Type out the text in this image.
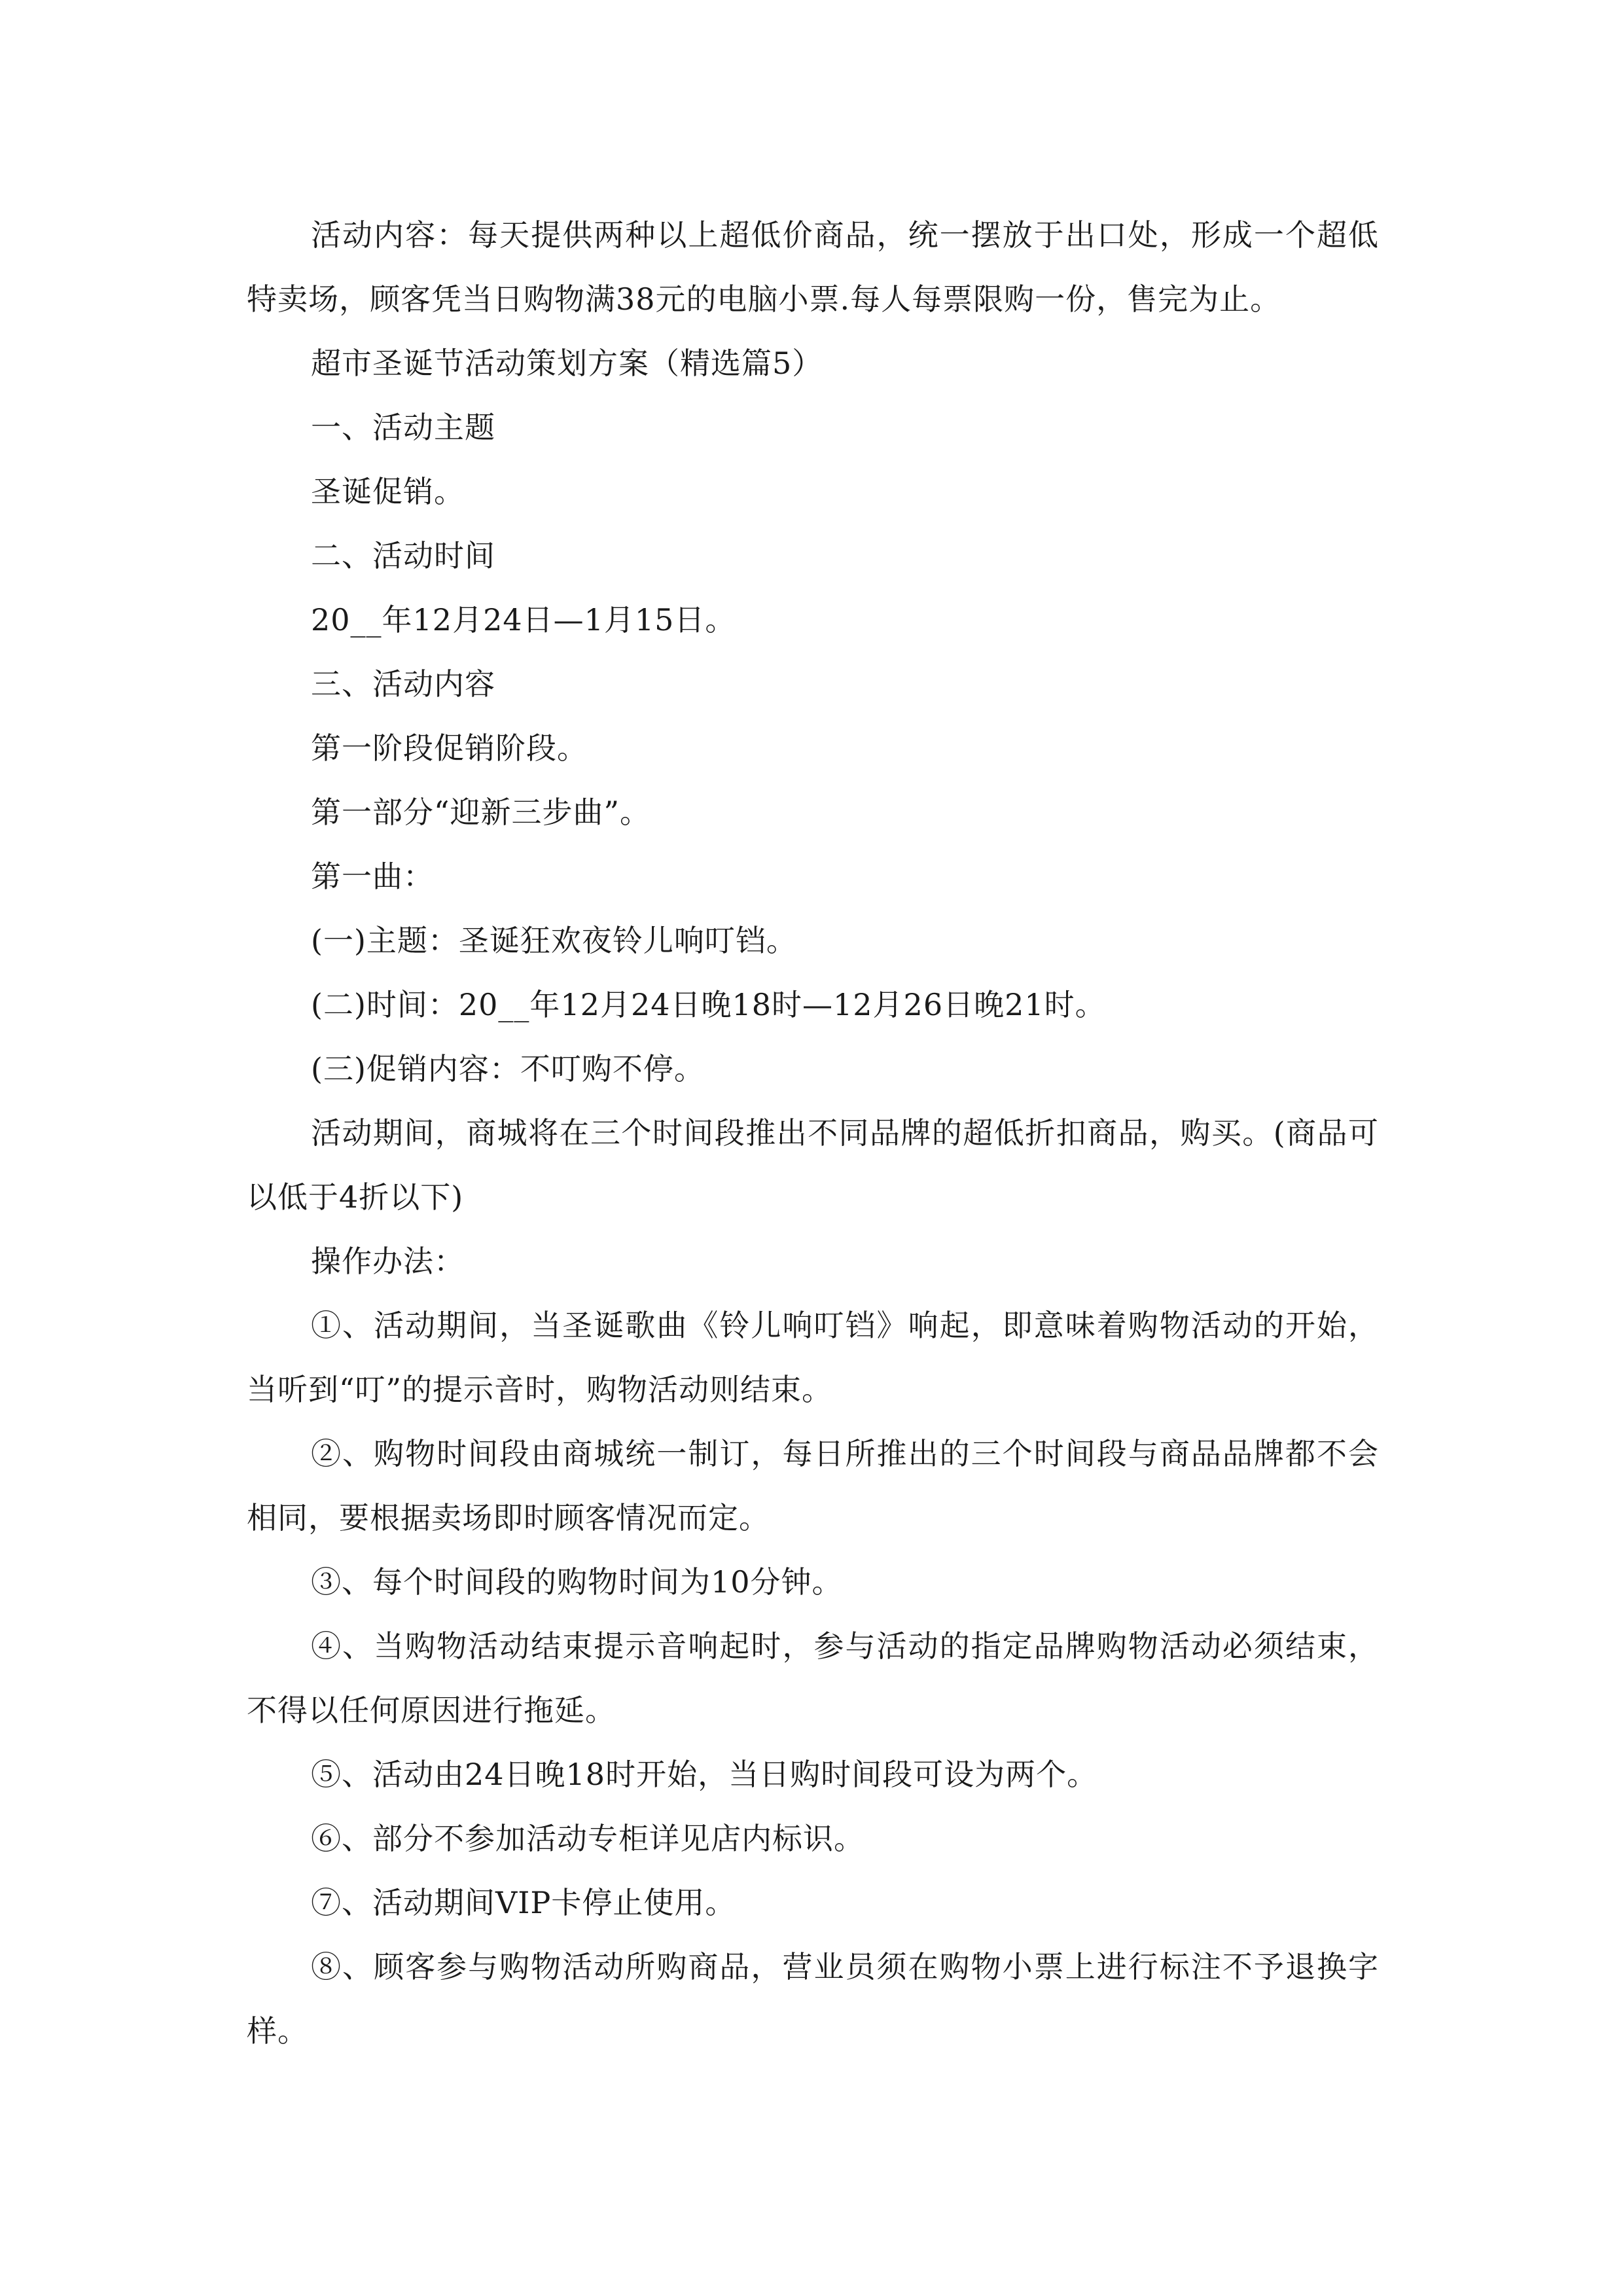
活动内容：每天提供两种以上超低价商品，统一摆放于出口处，形成一个超低特卖场，顾客凭当日购物满38元的电脑小票.每人每票限购一份，售完为止。

超市圣诞节活动策划方案（精选篇5）

一、活动主题

圣诞促销。

二、活动时间

20__年12月24日—1月15日。

三、活动内容

第一阶段促销阶段。

第一部分“迎新三步曲”。

第一曲：

(一)主题：圣诞狂欢夜铃儿响叮铛。

(二)时间：20__年12月24日晚18时—12月26日晚21时。

(三)促销内容：不叮购不停。

活动期间，商城将在三个时间段推出不同品牌的超低折扣商品，购买。(商品可以低于4折以下)

操作办法：

①、活动期间，当圣诞歌曲《铃儿响叮铛》响起，即意味着购物活动的开始，当听到“叮”的提示音时，购物活动则结束。

②、购物时间段由商城统一制订，每日所推出的三个时间段与商品品牌都不会相同，要根据卖场即时顾客情况而定。

③、每个时间段的购物时间为10分钟。

④、当购物活动结束提示音响起时，参与活动的指定品牌购物活动必须结束，不得以任何原因进行拖延。

⑤、活动由24日晚18时开始，当日购时间段可设为两个。

⑥、部分不参加活动专柜详见店内标识。

⑦、活动期间VIP卡停止使用。

⑧、顾客参与购物活动所购商品，营业员须在购物小票上进行标注不予退换字样。
